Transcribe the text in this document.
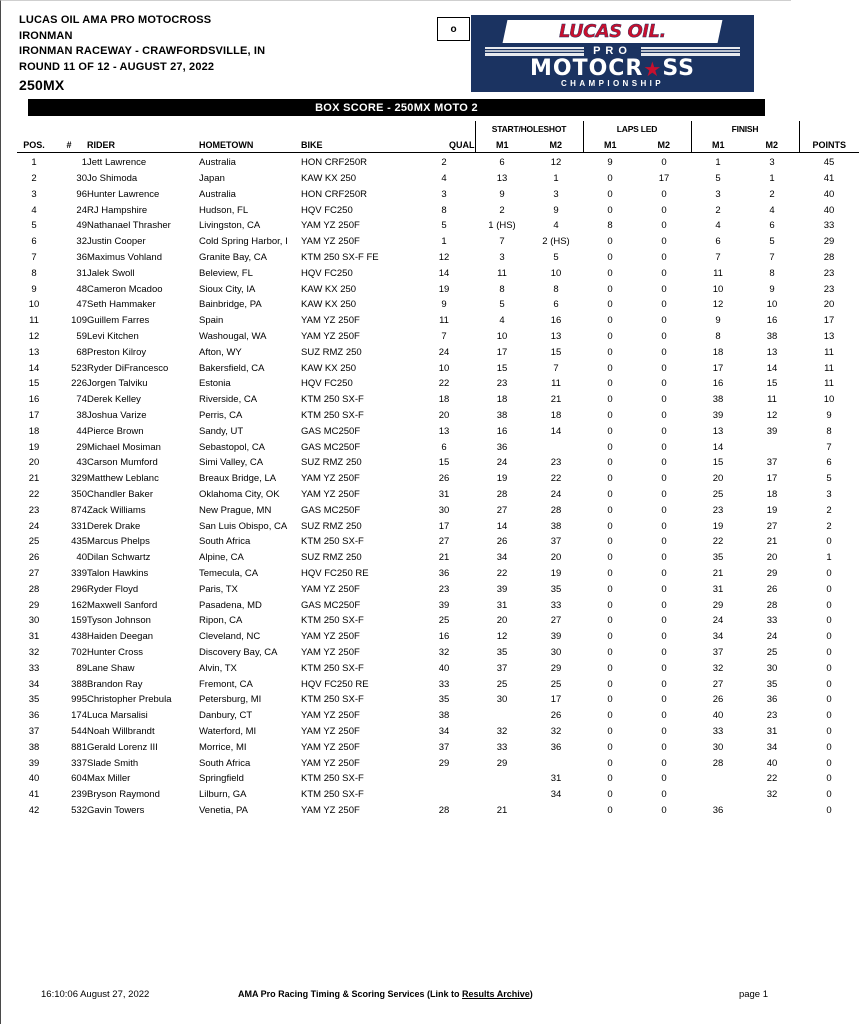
LUCAS OIL AMA PRO MOTOCROSS
IRONMAN
IRONMAN RACEWAY - CRAWFORDSVILLE, IN
ROUND 11 OF 12 - AUGUST 27, 2022
250MX
o	LUCAS OIL.
PRO
MOTOCR ★ SS
CHAMPIONSHIP
BOX SCORE - 250MX MOTO 2
						START/HOLESHOT		LAPS LED		FINISH		
POS.	#	RIDER	HOMETOWN	BIKE	QUAL	M1	M2	M1	M2	M1	M2	POINTS
1	1	Jett Lawrence	Australia	HON CRF250R	2	6	12	9	0	1	3	45
2	30	Jo Shimoda	Japan	KAW KX 250	4	13	1	0	17	5	1	41
3	96	Hunter Lawrence	Australia	HON CRF250R	3	9	3	0	0	3	2	40
4	24	RJ Hampshire	Hudson, FL	HQV FC250	8	2	9	0	0	2	4	40
5	49	Nathanael Thrasher	Livingston, CA	YAM YZ 250F	5	1 (HS)	4	8	0	4	6	33
6	32	Justin Cooper	Cold Spring Harbor, I	YAM YZ 250F	1	7	2 (HS)	0	0	6	5	29
7	36	Maximus Vohland	Granite Bay, CA	KTM 250 SX-F FE	12	3	5	0	0	7	7	28
8	31	Jalek Swoll	Beleview, FL	HQV FC250	14	11	10	0	0	11	8	23
9	48	Cameron Mcadoo	Sioux City, IA	KAW KX 250	19	8	8	0	0	10	9	23
10	47	Seth Hammaker	Bainbridge, PA	KAW KX 250	9	5	6	0	0	12	10	20
11	109	Guillem Farres	Spain	YAM YZ 250F	11	4	16	0	0	9	16	17
12	59	Levi Kitchen	Washougal, WA	YAM YZ 250F	7	10	13	0	0	8	38	13
13	68	Preston Kilroy	Afton, WY	SUZ RMZ 250	24	17	15	0	0	18	13	11
14	523	Ryder DiFrancesco	Bakersfield, CA	KAW KX 250	10	15	7	0	0	17	14	11
15	226	Jorgen Talviku	Estonia	HQV FC250	22	23	11	0	0	16	15	11
16	74	Derek Kelley	Riverside, CA	KTM 250 SX-F	18	18	21	0	0	38	11	10
17	38	Joshua Varize	Perris, CA	KTM 250 SX-F	20	38	18	0	0	39	12	9
18	44	Pierce Brown	Sandy, UT	GAS MC250F	13	16	14	0	0	13	39	8
19	29	Michael Mosiman	Sebastopol, CA	GAS MC250F	6	36		0	0	14		7
20	43	Carson Mumford	Simi Valley, CA	SUZ RMZ 250	15	24	23	0	0	15	37	6
21	329	Matthew Leblanc	Breaux Bridge, LA	YAM YZ 250F	26	19	22	0	0	20	17	5
22	350	Chandler Baker	Oklahoma City, OK	YAM YZ 250F	31	28	24	0	0	25	18	3
23	874	Zack Williams	New Prague, MN	GAS MC250F	30	27	28	0	0	23	19	2
24	331	Derek Drake	San Luis Obispo, CA	SUZ RMZ 250	17	14	38	0	0	19	27	2
25	435	Marcus Phelps	South Africa	KTM 250 SX-F	27	26	37	0	0	22	21	0
26	40	Dilan Schwartz	Alpine, CA	SUZ RMZ 250	21	34	20	0	0	35	20	1
27	339	Talon Hawkins	Temecula, CA	HQV FC250 RE	36	22	19	0	0	21	29	0
28	296	Ryder Floyd	Paris, TX	YAM YZ 250F	23	39	35	0	0	31	26	0
29	162	Maxwell Sanford	Pasadena, MD	GAS MC250F	39	31	33	0	0	29	28	0
30	159	Tyson Johnson	Ripon, CA	KTM 250 SX-F	25	20	27	0	0	24	33	0
31	438	Haiden Deegan	Cleveland, NC	YAM YZ 250F	16	12	39	0	0	34	24	0
32	702	Hunter Cross	Discovery Bay, CA	YAM YZ 250F	32	35	30	0	0	37	25	0
33	89	Lane Shaw	Alvin, TX	KTM 250 SX-F	40	37	29	0	0	32	30	0
34	388	Brandon Ray	Fremont, CA	HQV FC250 RE	33	25	25	0	0	27	35	0
35	995	Christopher Prebula	Petersburg, MI	KTM 250 SX-F	35	30	17	0	0	26	36	0
36	174	Luca Marsalisi	Danbury, CT	YAM YZ 250F	38		26	0	0	40	23	0
37	544	Noah Willbrandt	Waterford, MI	YAM YZ 250F	34	32	32	0	0	33	31	0
38	881	Gerald Lorenz III	Morrice, MI	YAM YZ 250F	37	33	36	0	0	30	34	0
39	337	Slade Smith	South Africa	YAM YZ 250F	29	29		0	0	28	40	0
40	604	Max Miller	Springfield	KTM 250 SX-F			31	0	0		22	0
41	239	Bryson Raymond	Lilburn, GA	KTM 250 SX-F			34	0	0		32	0
42	532	Gavin Towers	Venetia, PA	YAM YZ 250F	28	21		0	0	36		0
16:10:06 August 27, 2022	AMA Pro Racing Timing & Scoring Services (Link to Results Archive)	page 1
